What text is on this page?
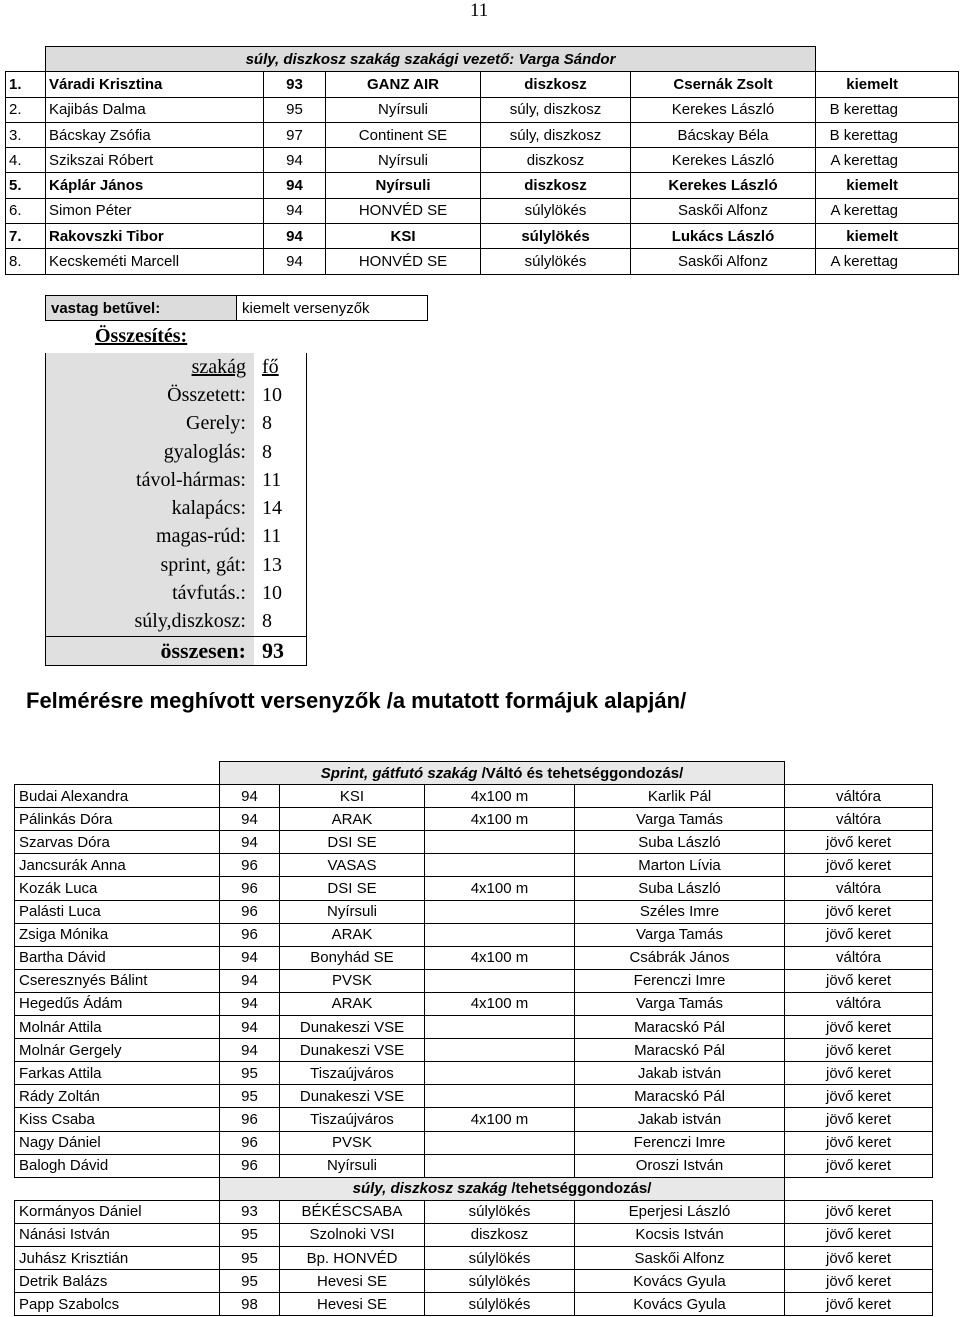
11
	súly, diszkosz szakág szakági vezető: Varga Sándor					
1.	Váradi Krisztina	93	GANZ AIR	diszkosz	Csernák Zsolt	kiemelt
2.	Kajibás Dalma	95	Nyírsuli	súly, diszkosz	Kerekes László	B kerettag
3.	Bácskay Zsófia	97	Continent SE	súly, diszkosz	Bácskay Béla	B kerettag
4.	Szikszai Róbert	94	Nyírsuli	diszkosz	Kerekes László	A kerettag
5.	Káplár János	94	Nyírsuli	diszkosz	Kerekes László	kiemelt
6.	Simon Péter	94	HONVÉD SE	súlylökés	Saskői Alfonz	A kerettag
7.	Rakovszki Tibor	94	KSI	súlylökés	Lukács László	kiemelt
8.	Kecskeméti Marcell	94	HONVÉD SE	súlylökés	Saskői Alfonz	A kerettag
vastag betűvel:	kiemelt versenyzők
Összesítés:
szakág	fő
Összetett:	10
Gerely:	8
gyaloglás:	8
távol-hármas:	11
kalapács:	14
magas-rúd:	11
sprint, gát:	13
távfutás.:	10
súly,diszkosz:	8
összesen:	93
Felmérésre meghívott versenyzők /a mutatott formájuk alapján/
	Sprint, gátfutó szakág /Váltó és tehetséggondozás/				
Budai Alexandra	94	KSI	4x100 m	Karlik Pál	váltóra
Pálinkás Dóra	94	ARAK	4x100 m	Varga Tamás	váltóra
Szarvas Dóra	94	DSI SE		Suba László	jövő keret
Jancsurák Anna	96	VASAS		Marton Lívia	jövő keret
Kozák Luca	96	DSI SE	4x100 m	Suba László	váltóra
Palásti Luca	96	Nyírsuli		Széles Imre	jövő keret
Zsiga Mónika	96	ARAK		Varga Tamás	jövő keret
Bartha Dávid	94	Bonyhád SE	4x100 m	Csábrák János	váltóra
Cseresznyés Bálint	94	PVSK		Ferenczi Imre	jövő keret
Hegedűs Ádám	94	ARAK	4x100 m	Varga Tamás	váltóra
Molnár Attila	94	Dunakeszi VSE		Maracskó Pál	jövő keret
Molnár Gergely	94	Dunakeszi VSE		Maracskó Pál	jövő keret
Farkas Attila	95	Tiszaújváros		Jakab istván	jövő keret
Rády Zoltán	95	Dunakeszi VSE		Maracskó Pál	jövő keret
Kiss Csaba	96	Tiszaújváros	4x100 m	Jakab istván	jövő keret
Nagy Dániel	96	PVSK		Ferenczi Imre	jövő keret
Balogh Dávid	96	Nyírsuli		Oroszi István	jövő keret
	súly, diszkosz szakág /tehetséggondozás/				
Kormányos Dániel	93	BÉKÉSCSABA	súlylökés	Eperjesi László	jövő keret
Nánási István	95	Szolnoki VSI	diszkosz	Kocsis István	jövő keret
Juhász Krisztián	95	Bp. HONVÉD	súlylökés	Saskői Alfonz	jövő keret
Detrik Balázs	95	Hevesi SE	súlylökés	Kovács Gyula	jövő keret
Papp Szabolcs	98	Hevesi SE	súlylökés	Kovács Gyula	jövő keret
